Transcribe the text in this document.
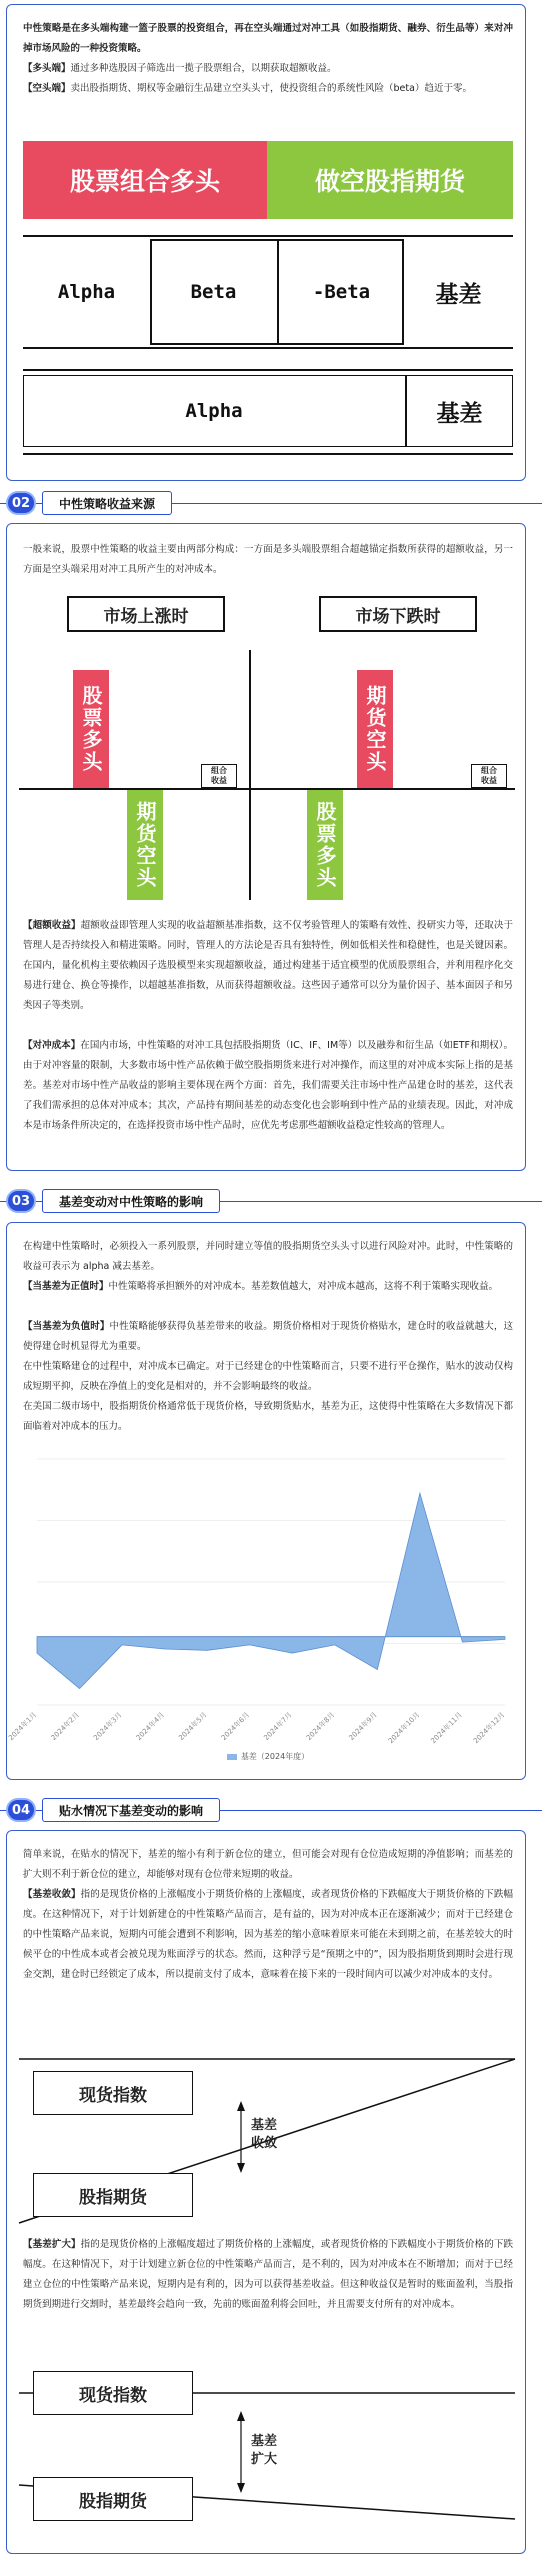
中性策略是在多头端构建一篮子股票的投资组合，再在空头端通过对冲工具（如股指期货、融券、衍生品等）来对冲掉市场风险的一种投资策略。
【多头端】通过多种选股因子筛选出一揽子股票组合，以期获取超额收益。
【空头端】卖出股指期货、期权等金融衍生品建立空头头寸，使投资组合的系统性风险（beta）趋近于零。
股票组合多头	做空股指期货
Alpha	Beta	-Beta	基差
Alpha	基差
02	中性策略收益来源
一般来说，股票中性策略的收益主要由两部分构成：一方面是多头端股票组合超越锚定指数所获得的超额收益，另一方面是空头端采用对冲工具所产生的对冲成本。
市场上涨时	市场下跌时
股票多头
期货空头
组合
收益
期货空头
股票多头
组合
收益
【超额收益】超额收益即管理人实现的收益超额基准指数，这不仅考验管理人的策略有效性、投研实力等，还取决于管理人是否持续投入和精进策略。同时，管理人的方法论是否具有独特性，例如低相关性和稳健性，也是关键因素。在国内，量化机构主要依赖因子选股模型来实现超额收益，通过构建基于适宜模型的优质股票组合，并利用程序化交易进行建仓、换仓等操作，以超越基准指数，从而获得超额收益。这些因子通常可以分为量价因子、基本面因子和另类因子等类别。
【对冲成本】在国内市场，中性策略的对冲工具包括股指期货（IC、IF、IM等）以及融券和衍生品（如ETF和期权）。由于对冲容量的限制，大多数市场中性产品依赖于做空股指期货来进行对冲操作，而这里的对冲成本实际上指的是基差。基差对市场中性产品收益的影响主要体现在两个方面：首先，我们需要关注市场中性产品建仓时的基差，这代表了我们需承担的总体对冲成本；其次，产品持有期间基差的动态变化也会影响到中性产品的业绩表现。因此，对冲成本是市场条件所决定的，在选择投资市场中性产品时，应优先考虑那些超额收益稳定性较高的管理人。
03	基差变动对中性策略的影响
在构建中性策略时，必须投入一系列股票，并同时建立等值的股指期货空头头寸以进行风险对冲。此时，中性策略的收益可表示为 alpha 减去基差。
【当基差为正值时】中性策略将承担额外的对冲成本。基差数值越大，对冲成本越高，这将不利于策略实现收益。
【当基差为负值时】中性策略能够获得负基差带来的收益。期货价格相对于现货价格贴水，建仓时的收益就越大，这使得建仓时机显得尤为重要。
在中性策略建仓的过程中，对冲成本已确定。对于已经建仓的中性策略而言，只要不进行平仓操作，贴水的波动仅构成短期平抑，反映在净值上的变化是相对的，并不会影响最终的收益。
在美国二级市场中，股指期货价格通常低于现货价格，导致期货贴水，基差为正，这使得中性策略在大多数情况下都面临着对冲成本的压力。
2024年1月 2024年2月 2024年3月 2024年4月 2024年5月 2024年6月 2024年7月 2024年8月 2024年9月 2024年10月 2024年11月 2024年12月
基差（2024年度）
04	贴水情况下基差变动的影响
简单来说，在贴水的情况下，基差的缩小有利于新仓位的建立，但可能会对现有仓位造成短期的净值影响；而基差的扩大则不利于新仓位的建立，却能够对现有仓位带来短期的收益。
【基差收敛】指的是现货价格的上涨幅度小于期货价格的上涨幅度，或者现货价格的下跌幅度大于期货价格的下跌幅度。在这种情况下，对于计划新建仓的中性策略产品而言，是有益的，因为对冲成本正在逐渐减少；而对于已经建仓的中性策略产品来说，短期内可能会遭到不利影响，因为基差的缩小意味着原来可能在未到期之前，在基差较大的时候平仓的中性成本或者会被兑现为账面浮亏的状态。然而，这种浮亏是“预期之中的”，因为股指期货到期时会进行现金交割，建仓时已经锁定了成本，所以提前支付了成本，意味着在接下来的一段时间内可以减少对冲成本的支付。
现货指数
股指期货
基差
收敛
【基差扩大】指的是现货价格的上涨幅度超过了期货价格的上涨幅度，或者现货价格的下跌幅度小于期货价格的下跌幅度。在这种情况下，对于计划建立新仓位的中性策略产品而言，是不利的，因为对冲成本在不断增加；而对于已经建立仓位的中性策略产品来说，短期内是有利的，因为可以获得基差收益。但这种收益仅是暂时的账面盈利，当股指期货到期进行交割时，基差最终会趋向一致，先前的账面盈利将会回吐，并且需要支付所有的对冲成本。
现货指数
股指期货
基差
扩大
